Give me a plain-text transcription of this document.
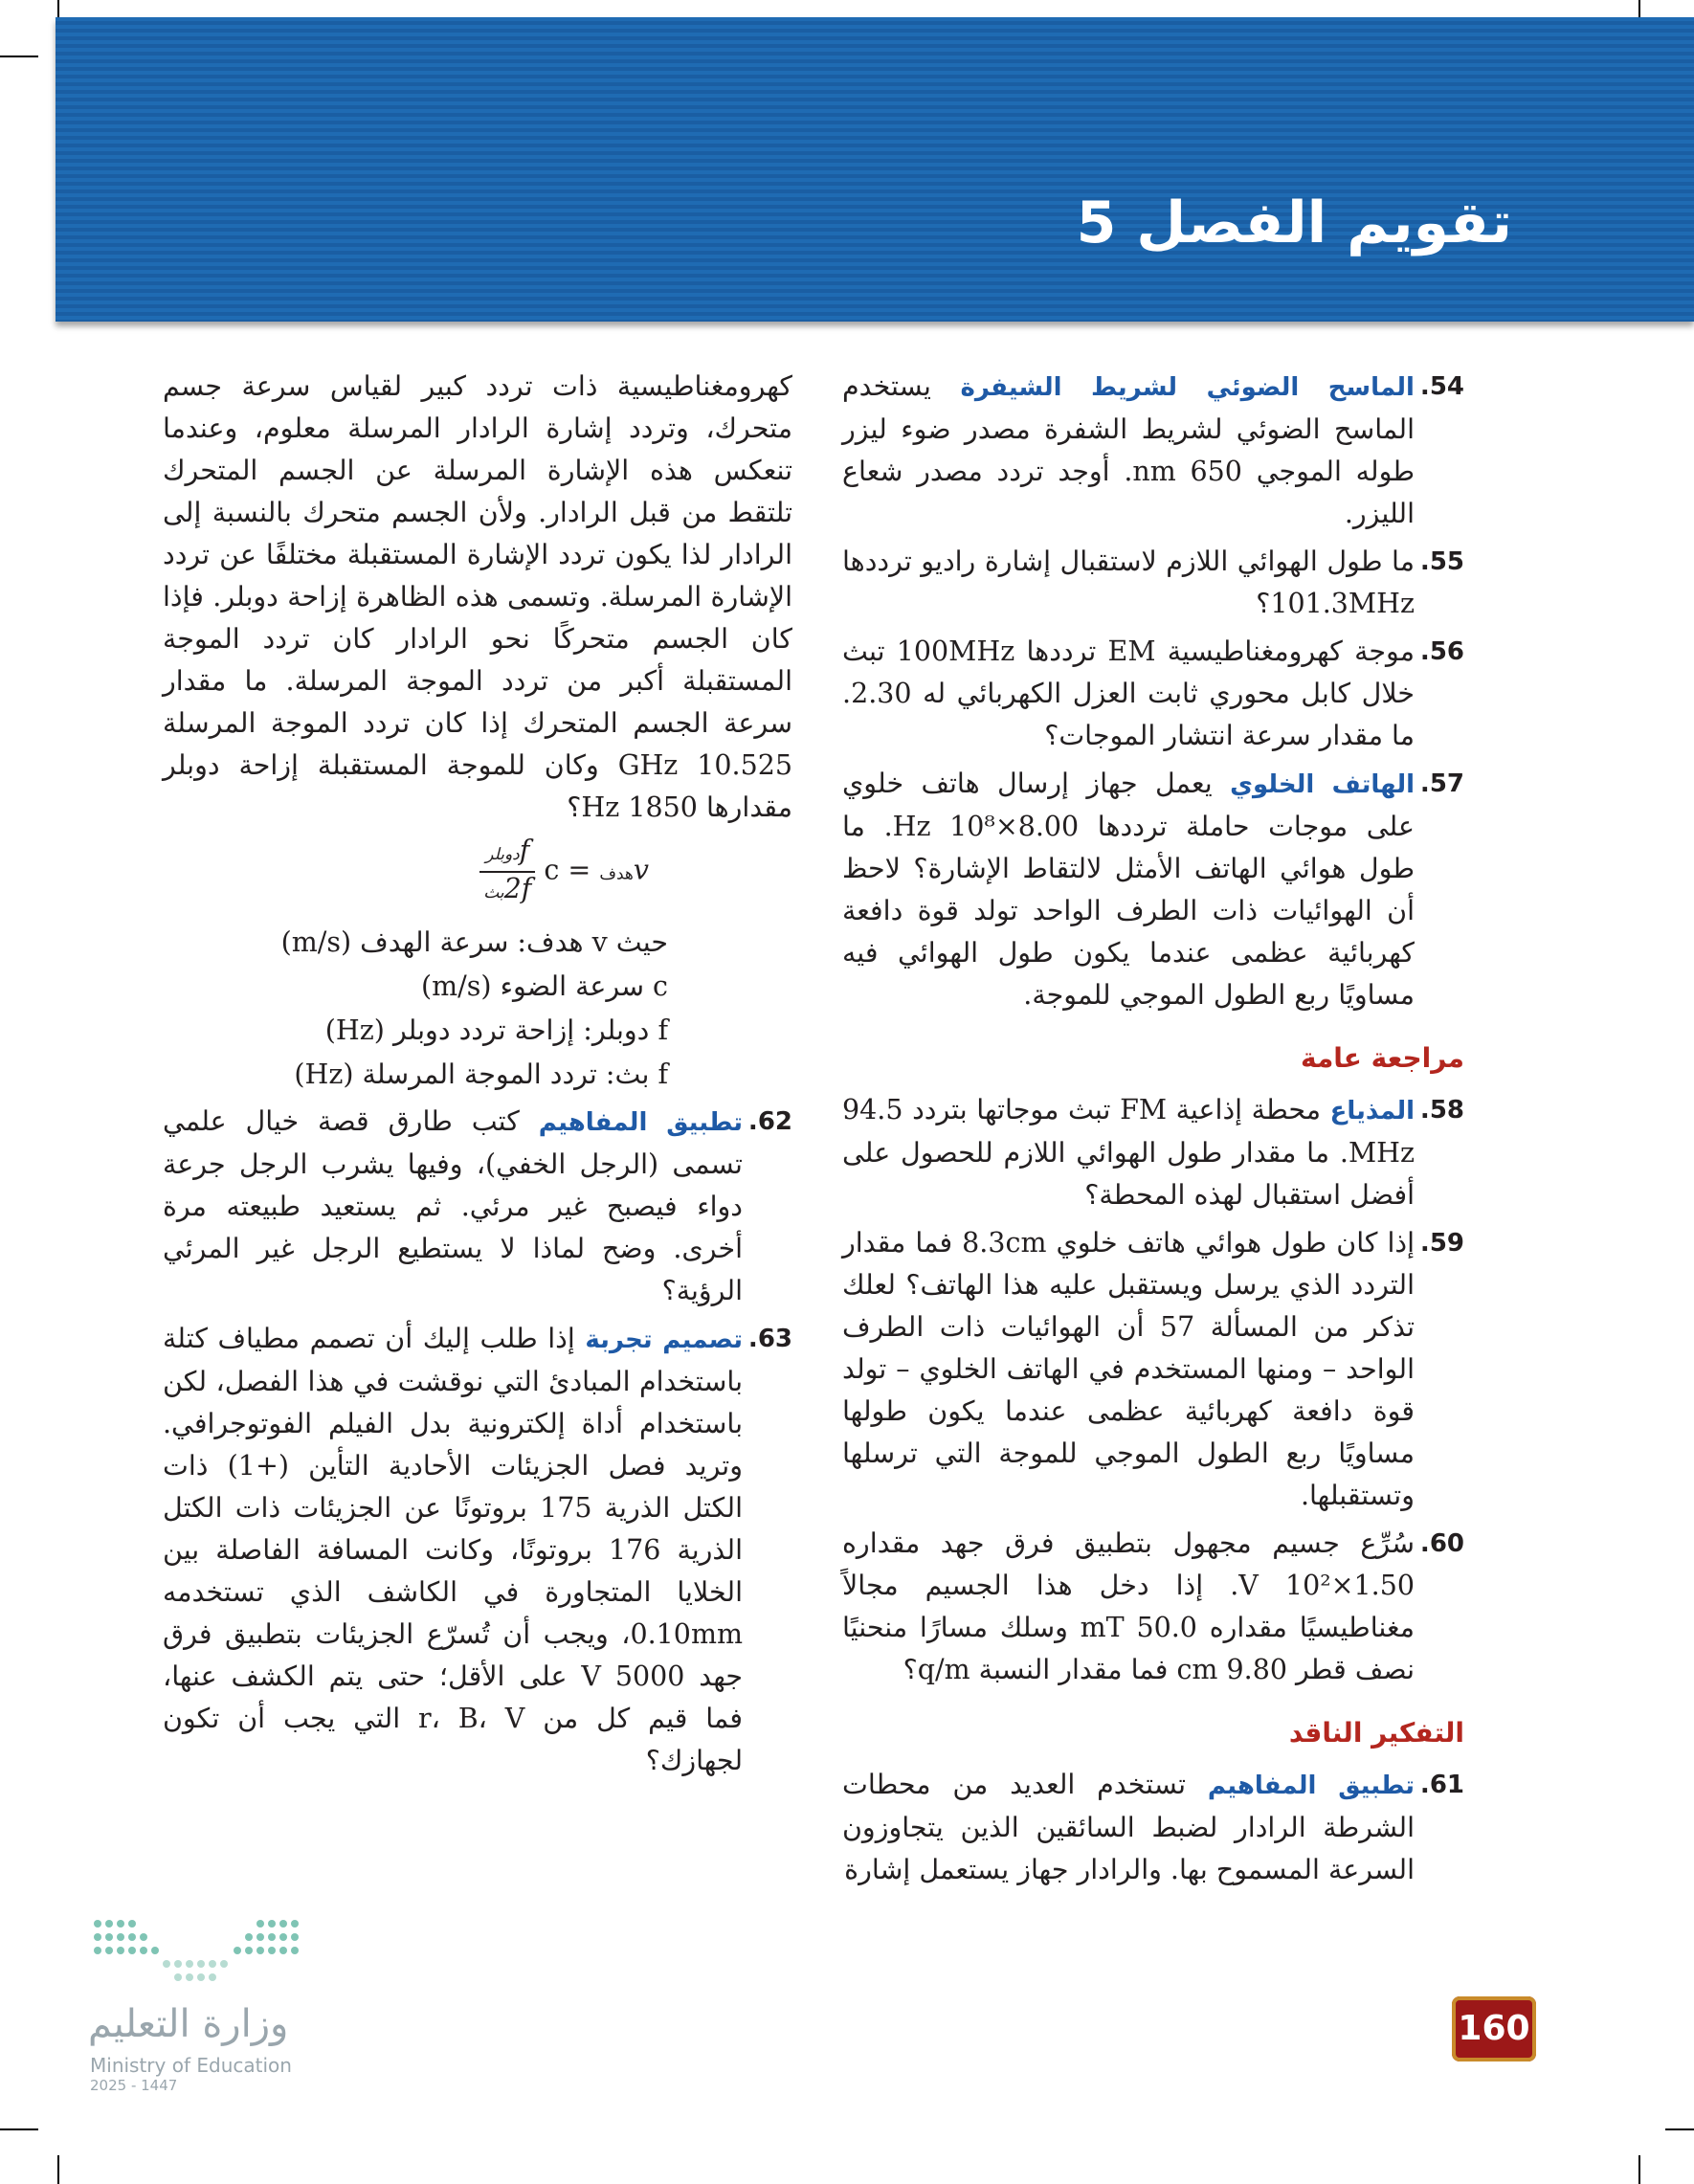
تقويم الفصل 5
54.
الماسح الضوئي لشريط الشيفرة يستخدم الماسح الضوئي لشريط الشفرة مصدر ضوء ليزر طوله الموجي 650 nm. أوجد تردد مصدر شعاع الليزر.
55.
ما طول الهوائي اللازم لاستقبال إشارة راديو ترددها 101.3MHz؟
56.
موجة كهرومغناطيسية EM ترددها 100MHz تبث خلال كابل محوري ثابت العزل الكهربائي له 2.30. ما مقدار سرعة انتشار الموجات؟
57.
الهاتف الخلوي يعمل جهاز إرسال هاتف خلوي على موجات حاملة ترددها 8.00×10⁸ Hz. ما طول هوائي الهاتف الأمثل لالتقاط الإشارة؟ لاحظ أن الهوائيات ذات الطرف الواحد تولد قوة دافعة كهربائية عظمى عندما يكون طول الهوائي فيه مساويًا ربع الطول الموجي للموجة.
مراجعة عامة
58.
المذياع محطة إذاعية FM تبث موجاتها بتردد 94.5 MHz. ما مقدار طول الهوائي اللازم للحصول على أفضل استقبال لهذه المحطة؟
59.
إذا كان طول هوائي هاتف خلوي 8.3cm فما مقدار التردد الذي يرسل ويستقبل عليه هذا الهاتف؟ لعلك تذكر من المسألة 57 أن الهوائيات ذات الطرف الواحد – ومنها المستخدم في الهاتف الخلوي – تولد قوة دافعة كهربائية عظمى عندما يكون طولها مساويًا ربع الطول الموجي للموجة التي ترسلها وتستقبلها.
60.
سُرِّع جسيم مجهول بتطبيق فرق جهد مقداره 1.50×10² V. إذا دخل هذا الجسيم مجالاً مغناطيسيًا مقداره 50.0 mT وسلك مسارًا منحنيًا نصف قطر 9.80 cm فما مقدار النسبة q/m؟
التفكير الناقد
61.
تطبيق المفاهيم تستخدم العديد من محطات الشرطة الرادار لضبط السائقين الذين يتجاوزون السرعة المسموح بها. والرادار جهاز يستعمل إشارة

كهرومغناطيسية ذات تردد كبير لقياس سرعة جسم متحرك، وتردد إشارة الرادار المرسلة معلوم، وعندما تنعكس هذه الإشارة المرسلة عن الجسم المتحرك تلتقط من قبل الرادار. ولأن الجسم متحرك بالنسبة إلى الرادار لذا يكون تردد الإشارة المستقبلة مختلفًا عن تردد الإشارة المرسلة. وتسمى هذه الظاهرة إزاحة دوبلر. فإذا كان الجسم متحركًا نحو الرادار كان تردد الموجة المستقبلة أكبر من تردد الموجة المرسلة. ما مقدار سرعة الجسم المتحرك إذا كان تردد الموجة المرسلة 10.525 GHz وكان للموجة المستقبلة إزاحة دوبلر مقدارها 1850 Hz؟

vهدف = c
$\frac{\text{fدوبلر}}{\text{2fبث}}$

حيث v هدف: سرعة الهدف (m/s)

c سرعة الضوء (m/s)

f دوبلر: إزاحة تردد دوبلر (Hz)

f بث: تردد الموجة المرسلة (Hz)

62.
تطبيق المفاهيم كتب طارق قصة خيال علمي تسمى (الرجل الخفي)، وفيها يشرب الرجل جرعة دواء فيصبح غير مرئي. ثم يستعيد طبيعته مرة أخرى. وضح لماذا لا يستطيع الرجل غير المرئي الرؤية؟
63.
تصميم تجربة إذا طلب إليك أن تصمم مطياف كتلة باستخدام المبادئ التي نوقشت في هذا الفصل، لكن باستخدام أداة إلكترونية بدل الفيلم الفوتوجرافي. وتريد فصل الجزيئات الأحادية التأين (+1) ذات الكتل الذرية 175 بروتونًا عن الجزيئات ذات الكتل الذرية 176 بروتونًا، وكانت المسافة الفاصلة بين الخلايا المتجاورة في الكاشف الذي تستخدمه 0.10mm، ويجب أن تُسرّع الجزيئات بتطبيق فرق جهد 5000 V على الأقل؛ حتى يتم الكشف عنها، فما قيم كل من r، B، V التي يجب أن تكون لجهازك؟
وزارة التعليم
Ministry of Education
2025 - 1447
160
